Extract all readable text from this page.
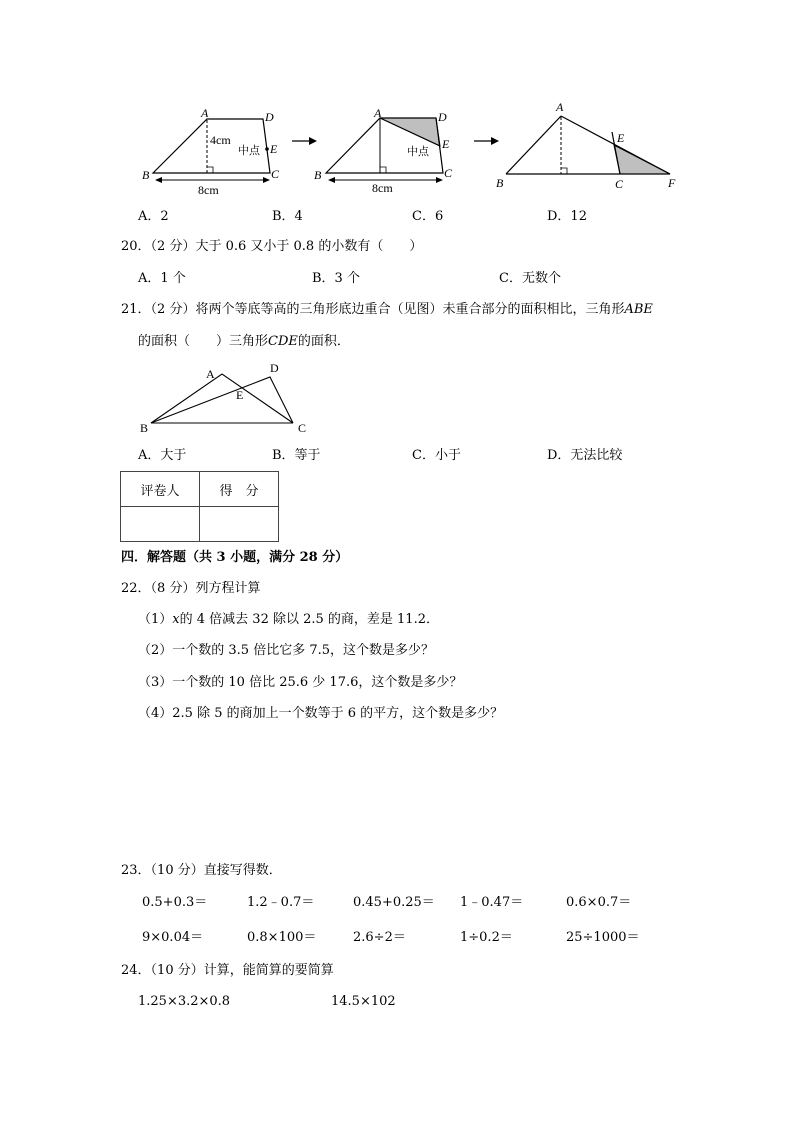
A	D
B	C
E
4cm
中点
8cm
A	D
B	C
E
中点
8cm
A
B	C
E
F
A．2	B．4	C．6	D．12
20．（2 分）大于 0.6 又小于 0.8 的小数有（　　）
A．1 个	B．3 个	C．无数个
21．（2 分）将两个等底等高的三角形底边重合（见图）未重合部分的面积相比，三角形ABE
的面积（　　）三角形CDE的面积．
A	D
E
B	C
A．大于	B．等于	C．小于	D．无法比较
评卷人	得　分

四．解答题（共 3 小题，满分 28 分）
22．（8 分）列方程计算
（1）x的 4 倍减去 32 除以 2.5 的商，差是 11.2．
（2）一个数的 3.5 倍比它多 7.5，这个数是多少？
（3）一个数的 10 倍比 25.6 少 17.6，这个数是多少？
（4）2.5 除 5 的商加上一个数等于 6 的平方，这个数是多少？
23．（10 分）直接写得数．
0.5+0.3＝	1.2﹣0.7＝	0.45+0.25＝ 1﹣0.47＝	0.6×0.7＝
9×0.04＝	0.8×100＝	2.6÷2＝	1÷0.2＝	25÷1000＝
24．（10 分）计算，能简算的要简算
1.25×3.2×0.8	14.5×102
